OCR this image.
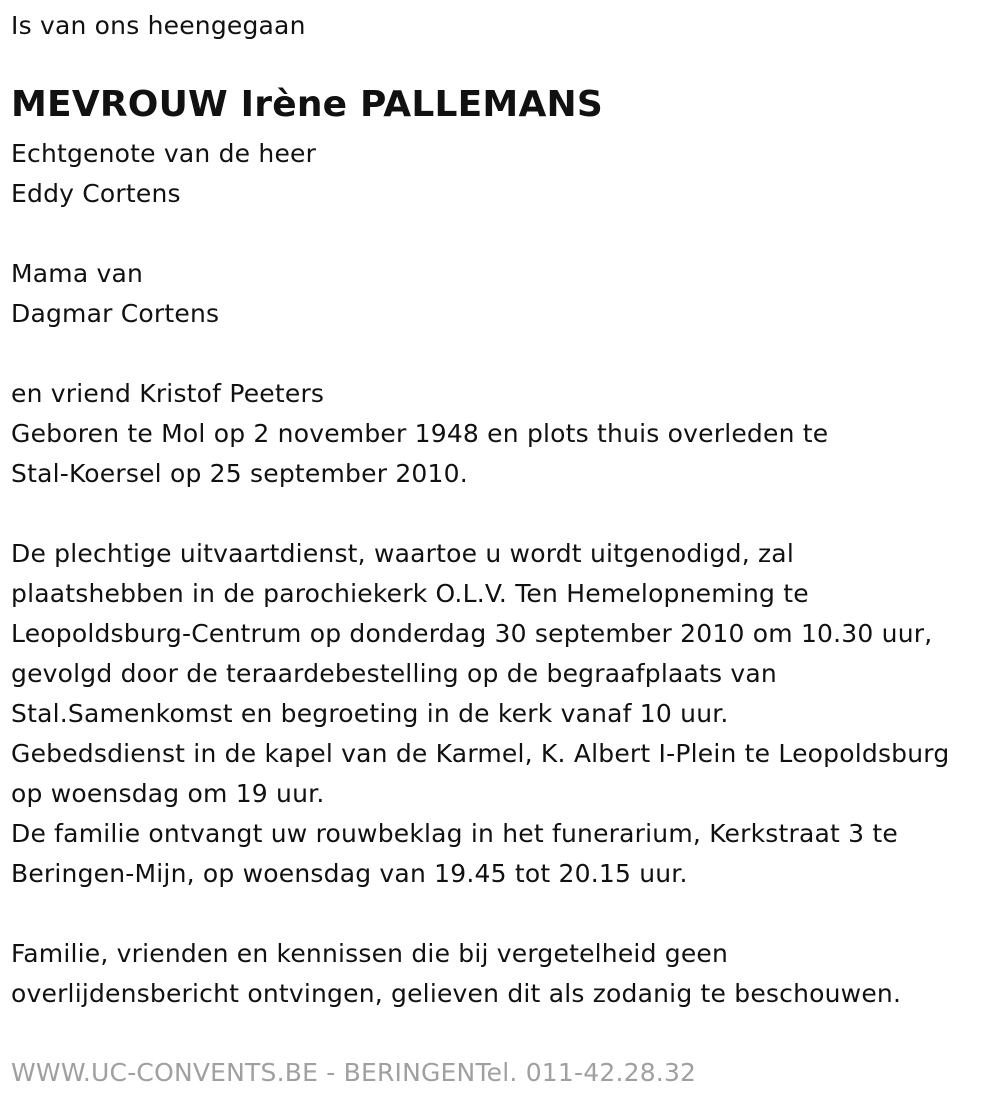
Is van ons heengegaan
MEVROUW Irène PALLEMANS
Echtgenote van de heer
Eddy Cortens
Mama van
Dagmar Cortens
en vriend Kristof Peeters
Geboren te Mol op 2 november 1948 en plots thuis overleden te
Stal-Koersel op 25 september 2010.

De plechtige uitvaartdienst, waartoe u wordt uitgenodigd, zal
plaatshebben in de parochiekerk O.L.V. Ten Hemelopneming te
Leopoldsburg-Centrum op donderdag 30 september 2010 om 10.30 uur,
gevolgd door de teraardebestelling op de begraafplaats van
Stal.Samenkomst en begroeting in de kerk vanaf 10 uur.
Gebedsdienst in de kapel van de Karmel, K. Albert I-Plein te Leopoldsburg
op woensdag om 19 uur.
De familie ontvangt uw rouwbeklag in het funerarium, Kerkstraat 3 te
Beringen-Mijn, op woensdag van 19.45 tot 20.15 uur.
Familie, vrienden en kennissen die bij vergetelheid geen
overlijdensbericht ontvingen, gelieven dit als zodanig te beschouwen.
WWW.UC-CONVENTS.BE - BERINGENTel. 011-42.28.32
